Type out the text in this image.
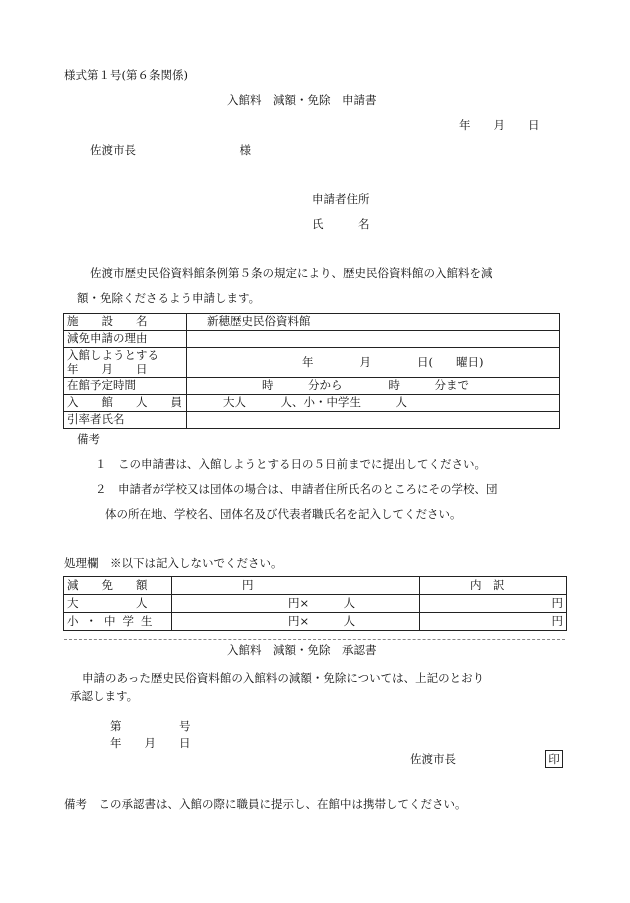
様式第１号(第６条関係)
入館料　減額・免除　申請書
年　　月　　日
佐渡市長　　　　　　　　　様
申請者住所
氏　　　名
佐渡市歴史民俗資料館条例第５条の規定により、歴史民俗資料館の入館料を減
額・免除くださるよう申請します。
施　　設　　名	新穂歴史民俗資料館
減免申請の理由	

入館しようとする
年　　月　　日	年　　　　月　　　　日(　　曜日)
在館予定時間	時　　　分から　　　　時　　　分まで
入　　館　　人　　員	大人　　　人、小・中学生　　　人
引率者氏名	
備考
１　この申請書は、入館しようとする日の５日前までに提出してください。
２　申請者が学校又は団体の場合は、申請者住所氏名のところにその学校、団
体の所在地、学校名、団体名及び代表者職氏名を記入してください。
処理欄　※以下は記入しないでください。
減　　免　　額	円	内　訳
大　　　　　人	円×　　　人	円
小・中学生	円×　　　人	円
入館料　減額・免除　承認書
申請のあった歴史民俗資料館の入館料の減額・免除については、上記のとおり
承認します。
第　　　　　号
年　　月　　日
佐渡市長	印
備考　この承認書は、入館の際に職員に提示し、在館中は携帯してください。
